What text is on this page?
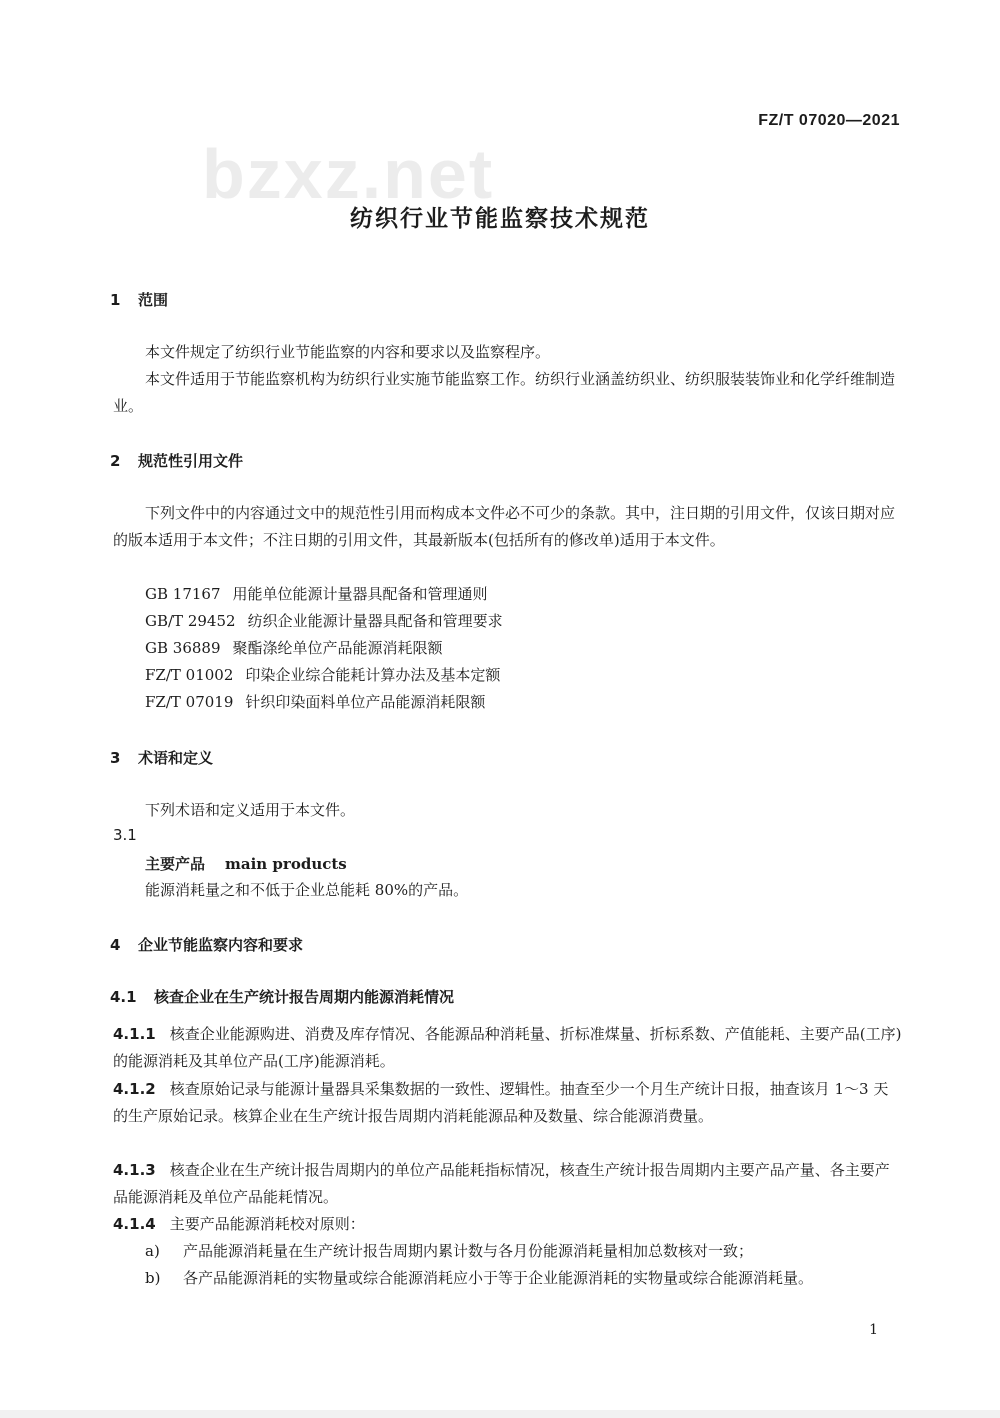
bzxz.net
FZ/T 07020—2021
纺织行业节能监察技术规范
1 范围
本文件规定了纺织行业节能监察的内容和要求以及监察程序。
本文件适用于节能监察机构为纺织行业实施节能监察工作。纺织行业涵盖纺织业、纺织服装装饰业和化学纤维制造业。
2 规范性引用文件
下列文件中的内容通过文中的规范性引用而构成本文件必不可少的条款。其中，注日期的引用文件，仅该日期对应的版本适用于本文件；不注日期的引用文件，其最新版本(包括所有的修改单)适用于本文件。
GB 17167 用能单位能源计量器具配备和管理通则
GB/T 29452 纺织企业能源计量器具配备和管理要求
GB 36889 聚酯涤纶单位产品能源消耗限额
FZ/T 01002 印染企业综合能耗计算办法及基本定额
FZ/T 07019 针织印染面料单位产品能源消耗限额
3 术语和定义
下列术语和定义适用于本文件。
3.1
主要产品 main products
能源消耗量之和不低于企业总能耗 80%的产品。
4 企业节能监察内容和要求
4.1 核查企业在生产统计报告周期内能源消耗情况
4.1.1 核查企业能源购进、消费及库存情况、各能源品种消耗量、折标准煤量、折标系数、产值能耗、主要产品(工序)的能源消耗及其单位产品(工序)能源消耗。
4.1.2 核查原始记录与能源计量器具采集数据的一致性、逻辑性。抽查至少一个月生产统计日报，抽查该月 1～3 天的生产原始记录。核算企业在生产统计报告周期内消耗能源品种及数量、综合能源消费量。
4.1.3 核查企业在生产统计报告周期内的单位产品能耗指标情况，核查生产统计报告周期内主要产品产量、各主要产品能源消耗及单位产品能耗情况。
4.1.4 主要产品能源消耗校对原则：
a) 产品能源消耗量在生产统计报告周期内累计数与各月份能源消耗量相加总数核对一致；
b) 各产品能源消耗的实物量或综合能源消耗应小于等于企业能源消耗的实物量或综合能源消耗量。
1
